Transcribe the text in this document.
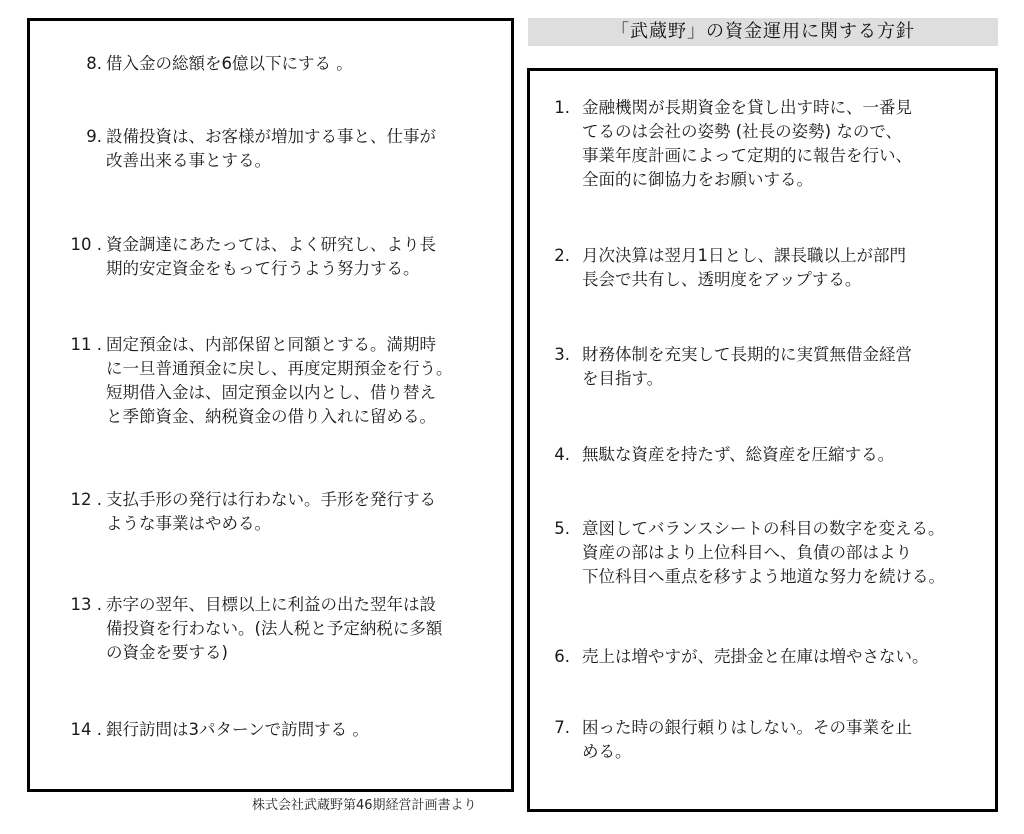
8. 借入金の総額を6億以下にする 。
9. 設備投資は、お客様が増加する事と、仕事が
改善出来る事とする。
10 . 資金調達にあたっては、よく研究し、より長
期的安定資金をもって行うよう努力する。
11 . 固定預金は、内部保留と同額とする。満期時
に一旦普通預金に戻し、再度定期預金を行う。
短期借入金は、固定預金以内とし、借り替え
と季節資金、納税資金の借り入れに留める。
12 . 支払手形の発行は行わない。手形を発行する
ような事業はやめる。
13 . 赤字の翌年、目標以上に利益の出た翌年は設
備投資を行わない。(法人税と予定納税に多額
の資金を要する)
14 . 銀行訪問は3パターンで訪問する 。
「武蔵野」の資金運用に関する方針
1. 金融機関が長期資金を貸し出す時に、一番見
てるのは会社の姿勢 (社長の姿勢) なので、
事業年度計画によって定期的に報告を行い、
全面的に御協力をお願いする。
2. 月次決算は翌月1日とし、課長職以上が部門
長会で共有し、透明度をアップする。
3. 財務体制を充実して長期的に実質無借金経営
を目指す。
4. 無駄な資産を持たず、総資産を圧縮する。
5. 意図してバランスシートの科目の数字を変える。
資産の部はより上位科目へ、負債の部はより
下位科目へ重点を移すよう地道な努力を続ける。
6. 売上は増やすが、売掛金と在庫は増やさない。
7. 困った時の銀行頼りはしない。その事業を止
める。
株式会社武蔵野第46期経営計画書より
